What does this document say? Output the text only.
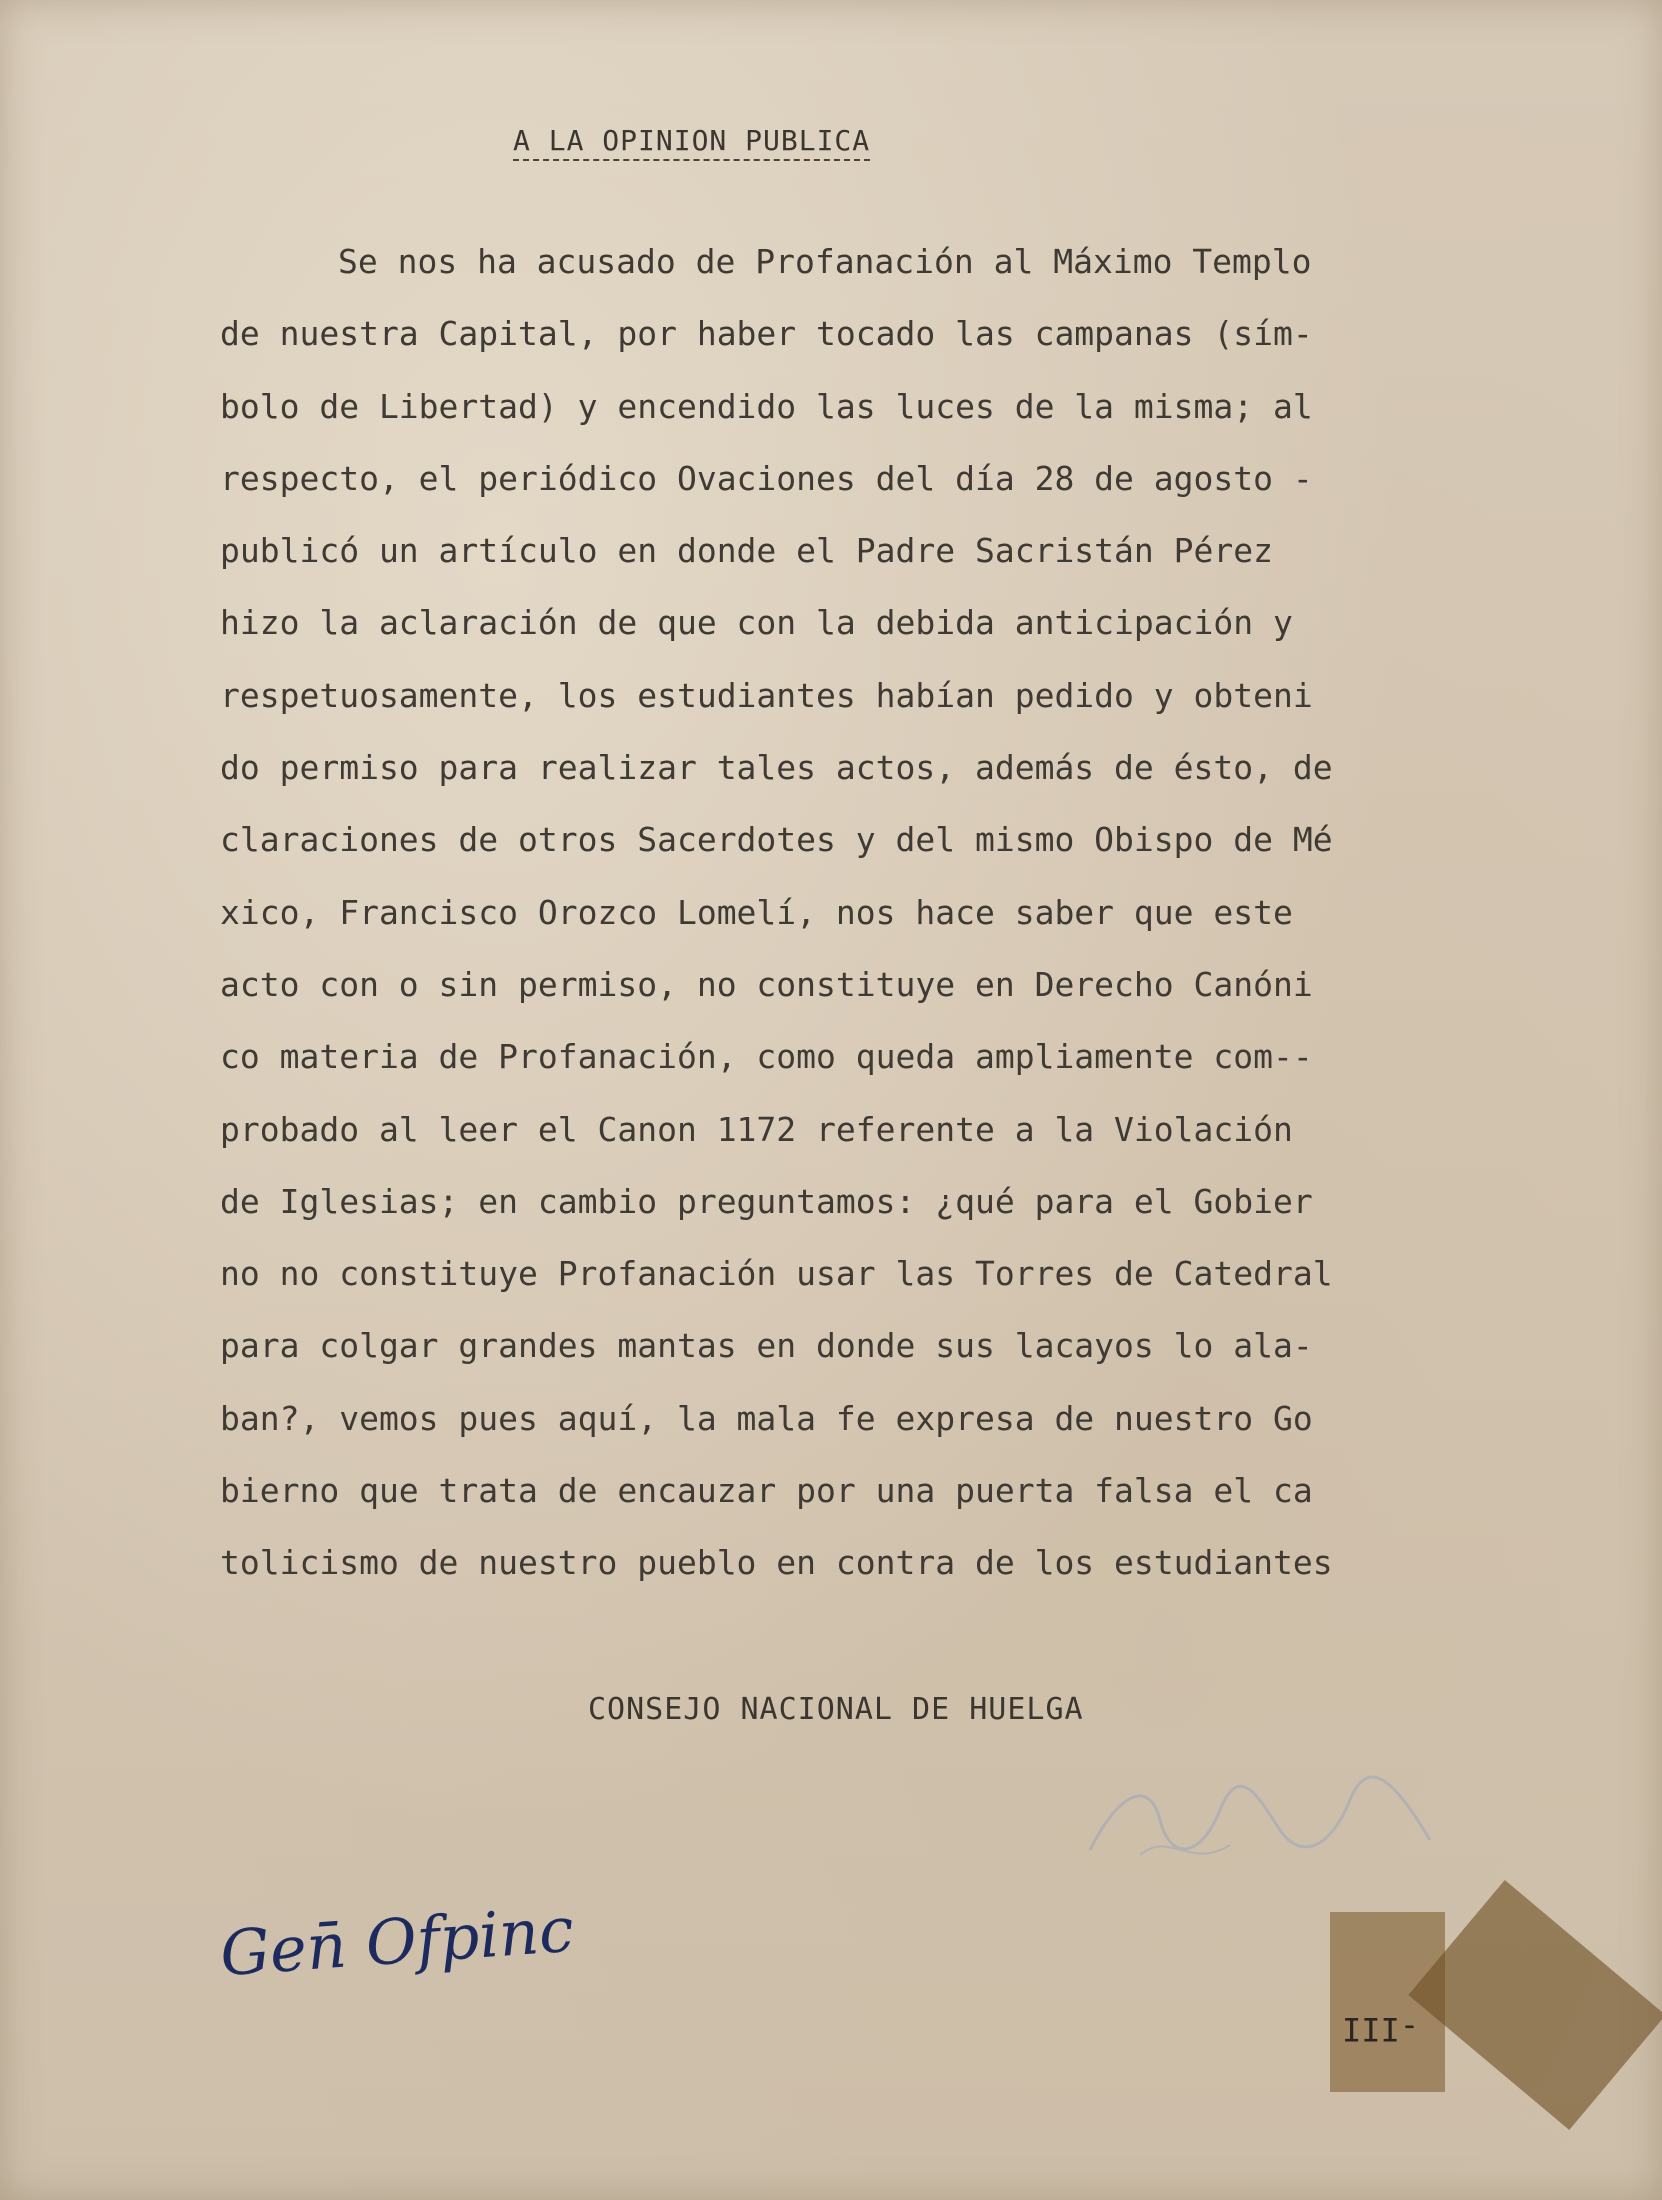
A LA OPINION PUBLICA
Se nos ha acusado de Profanación al Máximo Templo
de nuestra Capital, por haber tocado las campanas (sím-
bolo de Libertad) y encendido las luces de la misma; al
respecto, el periódico Ovaciones del día 28 de agosto -
publicó un artículo en donde el Padre Sacristán Pérez
hizo la aclaración de que con la debida anticipación y
respetuosamente, los estudiantes habían pedido y obteni
do permiso para realizar tales actos, además de ésto, de
claraciones de otros Sacerdotes y del mismo Obispo de Mé
xico, Francisco Orozco Lomelí, nos hace saber que este
acto con o sin permiso, no constituye en Derecho Canóni
co materia de Profanación, como queda ampliamente com--
probado al leer el Canon 1172 referente a la Violación
de Iglesias; en cambio preguntamos: ¿qué para el Gobier
no no constituye Profanación usar las Torres de Catedral
para colgar grandes mantas en donde sus lacayos lo ala-
ban?, vemos pues aquí, la mala fe expresa de nuestro Go
bierno que trata de encauzar por una puerta falsa el ca
tolicismo de nuestro pueblo en contra de los estudiantes
CONSEJO NACIONAL DE HUELGA
Gen̄ Ofpinc
-III
